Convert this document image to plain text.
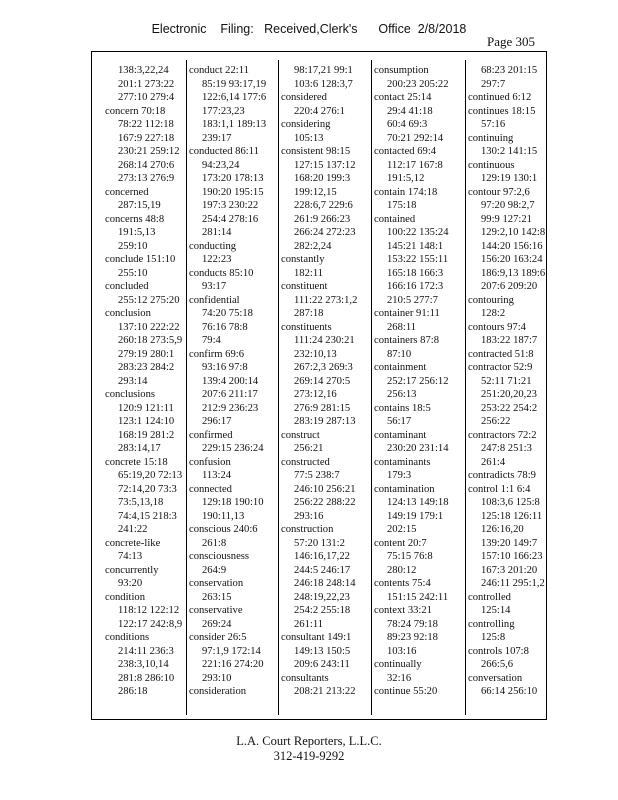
Electronic    Filing:   Received,Clerk's      Office  2/8/2018
Page 305
138:3,22,24
201:1 273:22
277:10 279:4
concern 70:18
78:22 112:18
167:9 227:18
230:21 259:12
268:14 270:6
273:13 276:9
concerned
287:15,19
concerns 48:8
191:5,13
259:10
conclude 151:10
255:10
concluded
255:12 275:20
conclusion
137:10 222:22
260:18 273:5,9
279:19 280:1
283:23 284:2
293:14
conclusions
120:9 121:11
123:1 124:10
168:19 281:2
283:14,17
concrete 15:18
65:19,20 72:13
72:14,20 73:3
73:5,13,18
74:4,15 218:3
241:22
concrete-like
74:13
concurrently
93:20
condition
118:12 122:12
122:17 242:8,9
conditions
214:11 236:3
238:3,10,14
281:8 286:10
286:18
conduct 22:11
85:19 93:17,19
122:6,14 177:6
177:23,23
183:1,1 189:13
239:17
conducted 86:11
94:23,24
173:20 178:13
190:20 195:15
197:3 230:22
254:4 278:16
281:14
conducting
122:23
conducts 85:10
93:17
confidential
74:20 75:18
76:16 78:8
79:4
confirm 69:6
93:16 97:8
139:4 200:14
207:6 211:17
212:9 236:23
296:17
confirmed
229:15 236:24
confusion
113:24
connected
129:18 190:10
190:11,13
conscious 240:6
261:8
consciousness
264:9
conservation
263:15
conservative
269:24
consider 26:5
97:1,9 172:14
221:16 274:20
293:10
consideration
98:17,21 99:1
103:6 128:3,7
considered
220:4 276:1
considering
105:13
consistent 98:15
127:15 137:12
168:20 199:3
199:12,15
228:6,7 229:6
261:9 266:23
266:24 272:23
282:2,24
constantly
182:11
constituent
111:22 273:1,2
287:18
constituents
111:24 230:21
232:10,13
267:2,3 269:3
269:14 270:5
273:12,16
276:9 281:15
283:19 287:13
construct
256:21
constructed
77:5 238:7
246:10 256:21
256:22 288:22
293:16
construction
57:20 131:2
146:16,17,22
244:5 246:17
246:18 248:14
248:19,22,23
254:2 255:18
261:11
consultant 149:1
149:13 150:5
209:6 243:11
consultants
208:21 213:22
consumption
200:23 205:22
contact 25:14
29:4 41:18
60:4 69:3
70:21 292:14
contacted 69:4
112:17 167:8
191:5,12
contain 174:18
175:18
contained
100:22 135:24
145:21 148:1
153:22 155:11
165:18 166:3
166:16 172:3
210:5 277:7
container 91:11
268:11
containers 87:8
87:10
containment
252:17 256:12
256:13
contains 18:5
56:17
contaminant
230:20 231:14
contaminants
179:3
contamination
124:13 149:18
149:19 179:1
202:15
content 20:7
75:15 76:8
280:12
contents 75:4
151:15 242:11
context 33:21
78:24 79:18
89:23 92:18
103:16
continually
32:16
continue 55:20
68:23 201:15
297:7
continued 6:12
continues 18:15
57:16
continuing
130:2 141:15
continuous
129:19 130:1
contour 97:2,6
97:20 98:2,7
99:9 127:21
129:2,10 142:8
144:20 156:16
156:20 163:24
186:9,13 189:6
207:6 209:20
contouring
128:2
contours 97:4
183:22 187:7
contracted 51:8
contractor 52:9
52:11 71:21
251:20,20,23
253:22 254:2
256:22
contractors 72:2
247:8 251:3
261:4
contradicts 78:9
control 1:1 6:4
108:3,6 125:8
125:18 126:11
126:16,20
139:20 149:7
157:10 166:23
167:3 201:20
246:11 295:1,2
controlled
125:14
controlling
125:8
controls 107:8
266:5,6
conversation
66:14 256:10
L.A. Court Reporters, L.L.C.
312-419-9292
